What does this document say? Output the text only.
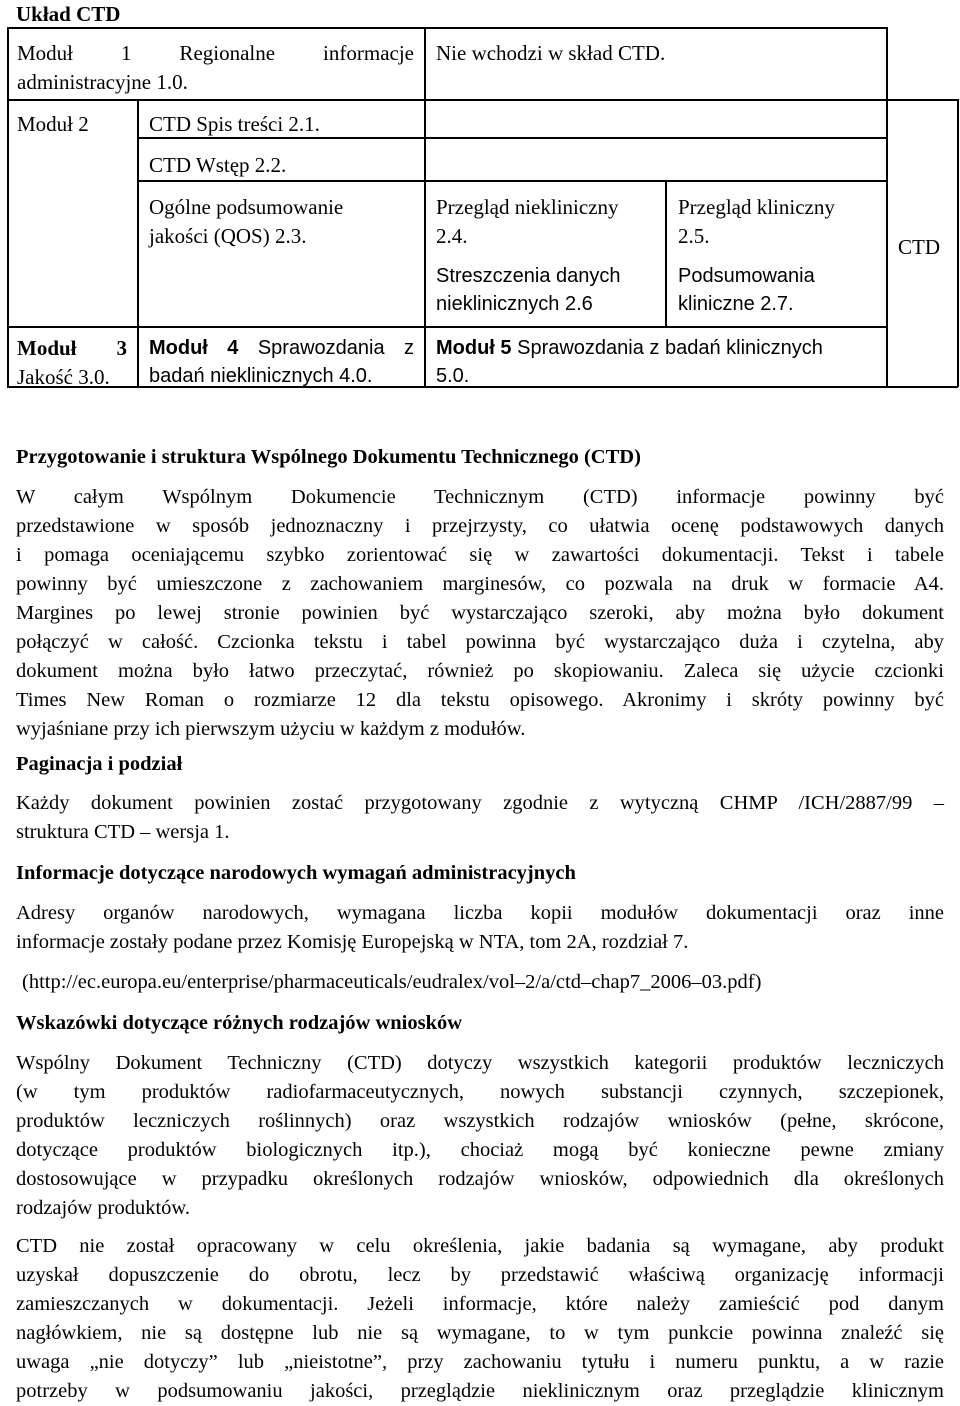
Układ CTD
Moduł 1 Regionalne informacje
administracyjne 1.0.
Nie wchodzi w skład CTD.
Moduł 2	CTD Spis treści 2.1.
CTD Wstęp 2.2.
Ogólne podsumowanie
jakości (QOS) 2.3.
Przegląd niekliniczny
2.4.
Streszczenia danych
nieklinicznych 2.6
Przegląd kliniczny
2.5.
Podsumowania
kliniczne 2.7.
CTD
Moduł 3
Jakość 3.0.
Moduł 4 Sprawozdania z
badań nieklinicznych 4.0.
Moduł 5 Sprawozdania z badań klinicznych
5.0.
Przygotowanie i struktura Wspólnego Dokumentu Technicznego (CTD)
W całym Wspólnym Dokumencie Technicznym (CTD) informacje powinny być
przedstawione w sposób jednoznaczny i przejrzysty, co ułatwia ocenę podstawowych danych
i pomaga oceniającemu szybko zorientować się w zawartości dokumentacji. Tekst i tabele
powinny być umieszczone z zachowaniem marginesów, co pozwala na druk w formacie A4.
Margines po lewej stronie powinien być wystarczająco szeroki, aby można było dokument
połączyć w całość. Czcionka tekstu i tabel powinna być wystarczająco duża i czytelna, aby
dokument można było łatwo przeczytać, również po skopiowaniu. Zaleca się użycie czcionki
Times New Roman o rozmiarze 12 dla tekstu opisowego. Akronimy i skróty powinny być
wyjaśniane przy ich pierwszym użyciu w każdym z modułów.
Paginacja i podział
Każdy dokument powinien zostać przygotowany zgodnie z wytyczną CHMP /ICH/2887/99 –
struktura CTD – wersja 1.
Informacje dotyczące narodowych wymagań administracyjnych
Adresy organów narodowych, wymagana liczba kopii modułów dokumentacji oraz inne
informacje zostały podane przez Komisję Europejską w NTA, tom 2A, rozdział 7.
(http://ec.europa.eu/enterprise/pharmaceuticals/eudralex/vol–2/a/ctd–chap7_2006–03.pdf)
Wskazówki dotyczące różnych rodzajów wniosków
Wspólny Dokument Techniczny (CTD) dotyczy wszystkich kategorii produktów leczniczych
(w tym produktów radiofarmaceutycznych, nowych substancji czynnych, szczepionek,
produktów leczniczych roślinnych) oraz wszystkich rodzajów wniosków (pełne, skrócone,
dotyczące produktów biologicznych itp.), chociaż mogą być konieczne pewne zmiany
dostosowujące w przypadku określonych rodzajów wniosków, odpowiednich dla określonych
rodzajów produktów.
CTD nie został opracowany w celu określenia, jakie badania są wymagane, aby produkt
uzyskał dopuszczenie do obrotu, lecz by przedstawić właściwą organizację informacji
zamieszczanych w dokumentacji. Jeżeli informacje, które należy zamieścić pod danym
nagłówkiem, nie są dostępne lub nie są wymagane, to w tym punkcie powinna znaleźć się
uwaga „nie dotyczy” lub „nieistotne”, przy zachowaniu tytułu i numeru punktu, a w razie
potrzeby w podsumowaniu jakości, przeglądzie nieklinicznym oraz przeglądzie klinicznym
